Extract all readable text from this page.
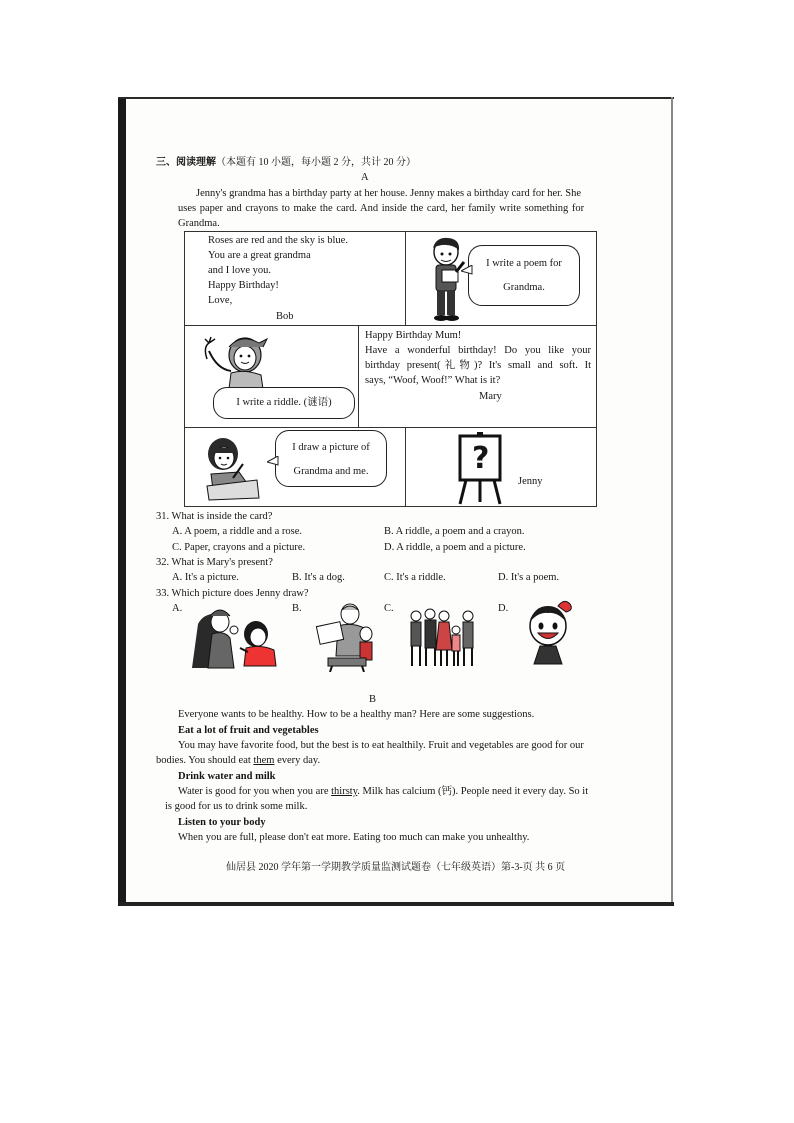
三、阅读理解（本题有 10 小题，每小题 2 分，共计 20 分）
A
Jenny's grandma has a birthday party at her house. Jenny makes a birthday card for her. She
uses paper and crayons to make the card. And inside the card, her family write something for
Grandma.
Roses are red and the sky is blue.
You are a great grandma
and I love you.
Happy Birthday!
Love,
Bob
I write a poem for
Grandma.
I write a riddle. (谜语)
Happy Birthday Mum!
Have a wonderful birthday! Do you like your
birthday present(礼物)? It's small and soft. It
says, “Woof, Woof!” What is it?
Mary
I draw a picture of
Grandma and me.	?
Jenny
31. What is inside the card?
A. A poem, a riddle and a rose.	B. A riddle, a poem and a crayon.
C. Paper, crayons and a picture.	D. A riddle, a poem and a picture.
32. What is Mary's present?
A. It's a picture.	B. It's a dog.	C. It's a riddle.	D. It's a poem.
33. Which picture does Jenny draw?
A.	B.	C.	D.
B
Everyone wants to be healthy. How to be a healthy man? Here are some suggestions.
Eat a lot of fruit and vegetables
You may have favorite food, but the best is to eat healthily. Fruit and vegetables are good for our
bodies. You should eat them every day.
Drink water and milk
Water is good for you when you are thirsty. Milk has calcium (钙). People need it every day. So it
is good for us to drink some milk.
Listen to your body
When you are full, please don't eat more. Eating too much can make you unhealthy.
仙居县 2020 学年第一学期教学质量监测试题卷（七年级英语）第-3-页 共 6 页
